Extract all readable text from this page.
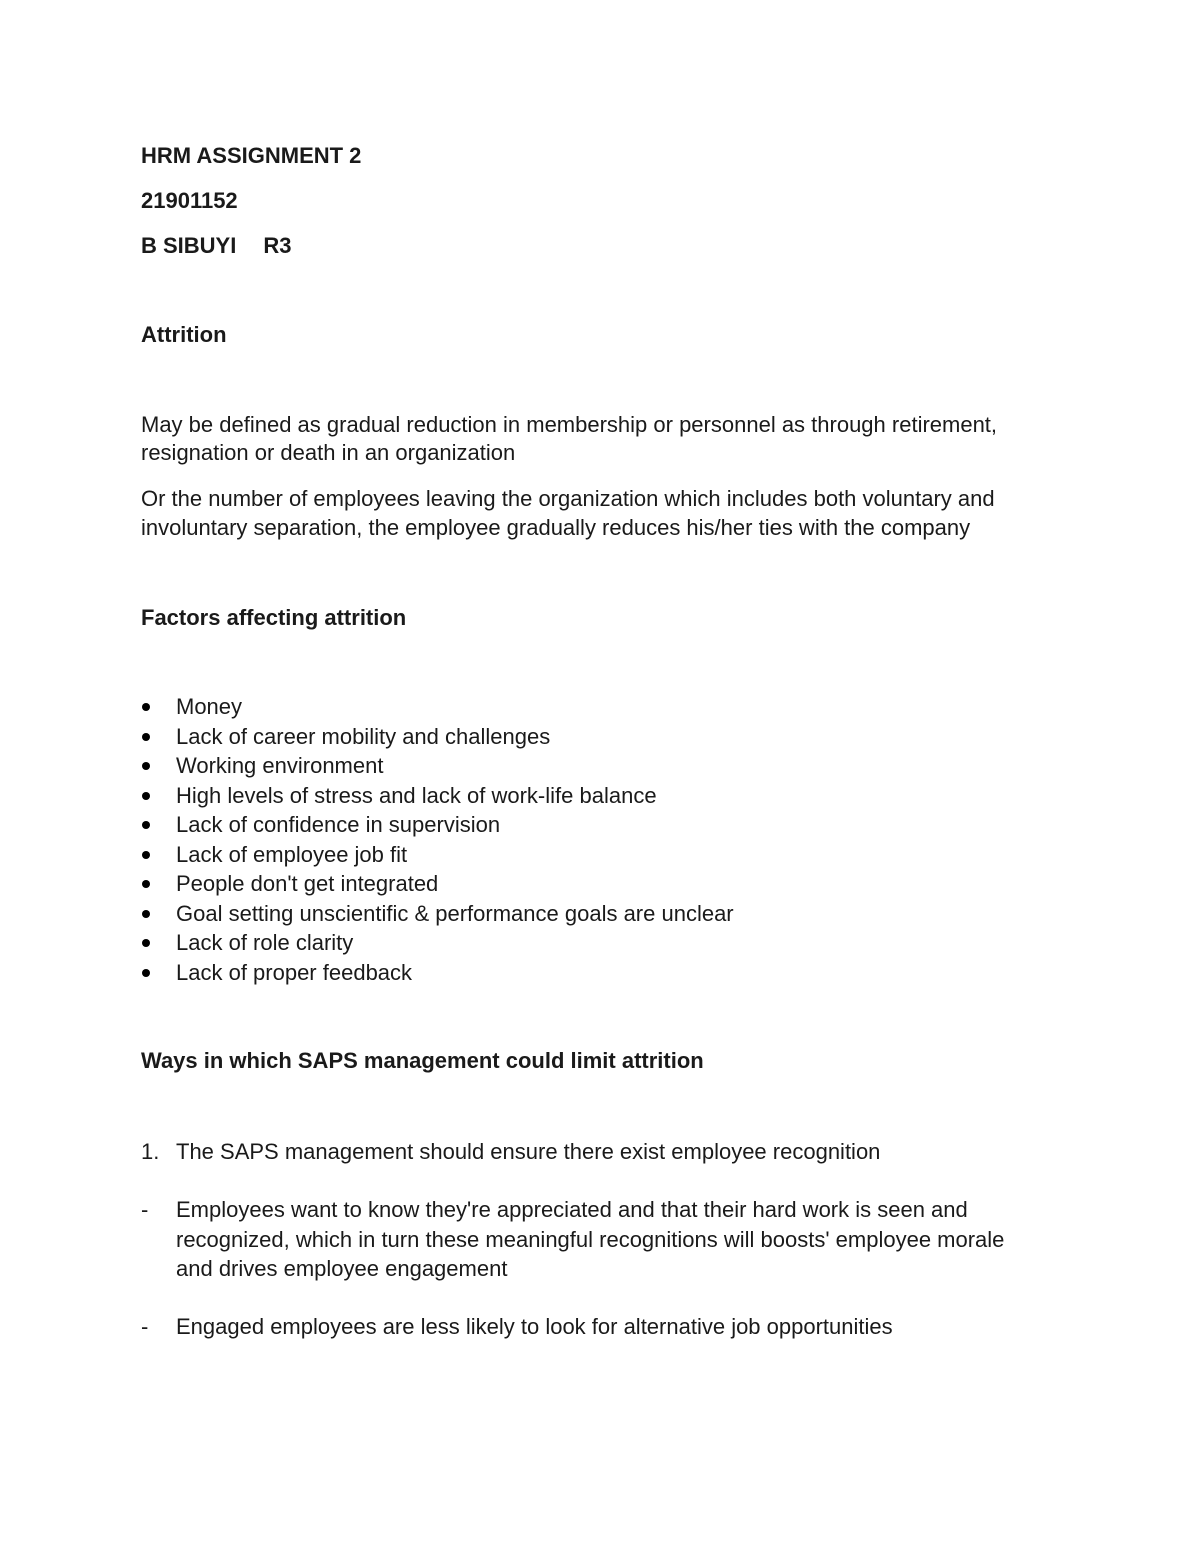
HRM ASSIGNMENT 2
21901152
B SIBUYI R3
Attrition
May be defined as gradual reduction in membership or personnel as through retirement, resignation or death in an organization
Or the number of employees leaving the organization which includes both voluntary and involuntary separation, the employee gradually reduces his/her ties with the company
Factors affecting attrition
Money
Lack of career mobility and challenges
Working environment
High levels of stress and lack of work-life balance
Lack of confidence in supervision
Lack of employee job fit
People don't get integrated
Goal setting unscientific & performance goals are unclear
Lack of role clarity
Lack of proper feedback
Ways in which SAPS management could limit attrition
1. The SAPS management should ensure there exist employee recognition
- Employees want to know they're appreciated and that their hard work is seen and recognized, which in turn these meaningful recognitions will boosts' employee morale and drives employee engagement
- Engaged employees are less likely to look for alternative job opportunities
